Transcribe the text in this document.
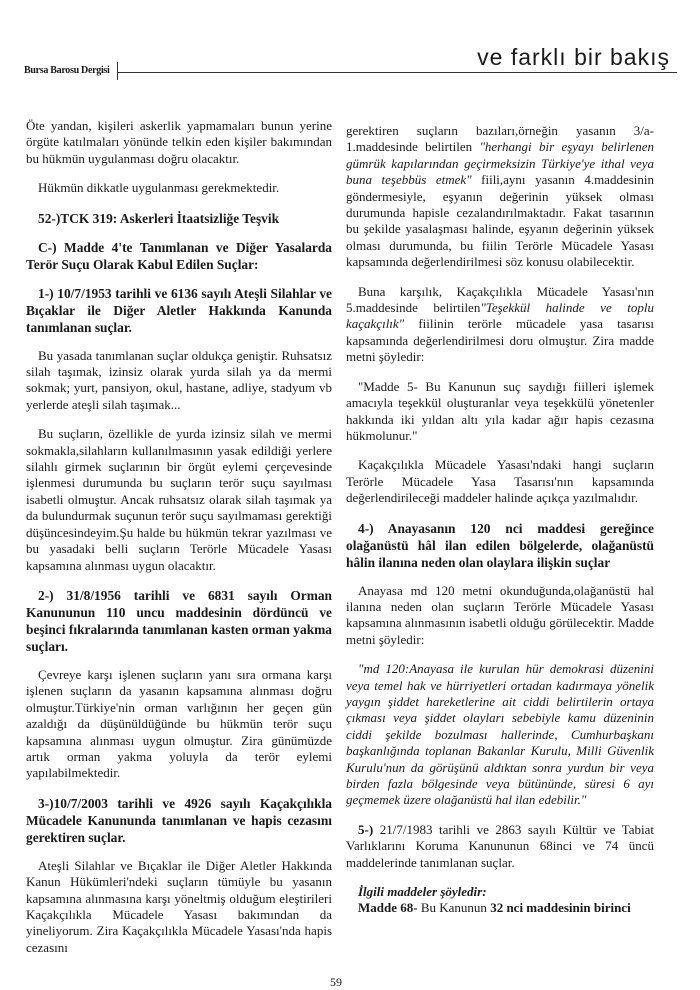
Bursa Barosu Dergisi
ve farklı bir bakış

Öte yandan, kişileri askerlik yapmamaları bunun yerine örgüte katılmaları yönünde telkin eden kişiler bakımından bu hükmün uygulanması doğru olacaktır.

Hükmün dikkatle uygulanması gerekmektedir.

52-)TCK 319: Askerleri İtaatsizliğe Teşvik

C-) Madde 4'te Tanımlanan ve Diğer Yasalarda Terör Suçu Olarak Kabul Edilen Suçlar:

1-) 10/7/1953 tarihli ve 6136 sayılı Ateşli Silahlar ve Bıçaklar ile Diğer Aletler Hakkında Kanunda tanımlanan suçlar.

Bu yasada tanımlanan suçlar oldukça geniştir. Ruhsatsız silah taşımak, izinsiz olarak yurda silah ya da mermi sokmak; yurt, pansiyon, okul, hastane, adliye, stadyum vb yerlerde ateşli silah taşımak...

Bu suçların, özellikle de yurda izinsiz silah ve mermi sokmakla,silahların kullanılmasının yasak edildiği yerlere silahlı girmek suçlarının bir örgüt eylemi çerçevesinde işlenmesi durumunda bu suçların terör suçu sayılması isabetli olmuştur. Ancak ruhsatsız olarak silah taşımak ya da bulundurmak suçunun terör suçu sayılmaması gerektiği düşüncesindeyim.Şu halde bu hükmün tekrar yazılması ve bu yasadaki belli suçların Terörle Mücadele Yasası kapsamına alınması uygun olacaktır.

2-) 31/8/1956 tarihli ve 6831 sayılı Orman Kanununun 110 uncu maddesinin dördüncü ve beşinci fıkralarında tanımlanan kasten orman yakma suçları.

Çevreye karşı işlenen suçların yanı sıra ormana karşı işlenen suçların da yasanın kapsamına alınması doğru olmuştur.Türkiye'nin orman varlığının her geçen gün azaldığı da düşünüldüğünde bu hükmün terör suçu kapsamına alınması uygun olmuştur. Zira günümüzde artık orman yakma yoluyla da terör eylemi yapılabilmektedir.

3-)10/7/2003 tarihli ve 4926 sayılı Kaçakçılıkla Mücadele Kanununda tanımlanan ve hapis cezasını gerektiren suçlar.

Ateşli Silahlar ve Bıçaklar ile Diğer Aletler Hakkında Kanun Hükümleri'ndeki suçların tümüyle bu yasanın kapsamına alınmasına karşı yöneltmiş olduğum eleştirileri Kaçakçılıkla Mücadele Yasası bakımından da yineliyorum. Zira Kaçakçılıkla Mücadele Yasası'nda hapis cezasını

gerektiren suçların bazıları,örneğin yasanın 3/a-1.maddesinde belirtilen "herhangi bir eşyayı belirlenen gümrük kapılarından geçirmeksizin Türkiye'ye ithal veya buna teşebbüs etmek" fiili,aynı yasanın 4.maddesinin göndermesiyle, eşyanın değerinin yüksek olması durumunda hapisle cezalandırılmaktadır. Fakat tasarının bu şekilde yasalaşması halinde, eşyanın değerinin yüksek olması durumunda, bu fiilin Terörle Mücadele Yasası kapsamında değerlendirilmesi söz konusu olabilecektir.

Buna karşılık, Kaçakçılıkla Mücadele Yasası'nın 5.maddesinde belirtilen"Teşekkül halinde ve toplu kaçakçılık" fiilinin terörle mücadele yasa tasarısı kapsamında değerlendirilmesi doru olmuştur. Zira madde metni şöyledir:

"Madde 5- Bu Kanunun suç saydığı fiilleri işlemek amacıyla teşekkül oluşturanlar veya teşekkülü yönetenler hakkında iki yıldan altı yıla kadar ağır hapis cezasına hükmolunur."

Kaçakçılıkla Mücadele Yasası'ndaki hangi suçların Terörle Mücadele Yasa Tasarısı'nın kapsamında değerlendirileceği maddeler halinde açıkça yazılmalıdır.

4-) Anayasanın 120 nci maddesi gereğince olağanüstü hâl ilan edilen bölgelerde, olağanüstü hâlin ilanına neden olan olaylara ilişkin suçlar

Anayasa md 120 metni okunduğunda,olağanüstü hal ilanına neden olan suçların Terörle Mücadele Yasası kapsamına alınmasının isabetli olduğu görülecektir. Madde metni şöyledir:

"md 120:Anayasa ile kurulan hür demokrasi düzenini veya temel hak ve hürriyetleri ortadan kadırmaya yönelik yaygın şiddet hareketlerine ait ciddi belirtilerin ortaya çıkması veya şiddet olayları sebebiyle kamu düzeninin ciddi şekilde bozulması hallerinde, Cumhurbaşkanı başkanlığında toplanan Bakanlar Kurulu, Milli Güvenlik Kurulu'nun da görüşünü aldıktan sonra yurdun bir veya birden fazla bölgesinde veya bütününde, süresi 6 ayı geçmemek üzere olağanüstü hal ilan edebilir."

5-) 21/7/1983 tarihli ve 2863 sayılı Kültür ve Tabiat Varlıklarını Koruma Kanununun 68inci ve 74 üncü maddelerinde tanımlanan suçlar.

İlgili maddeler şöyledir:

Madde 68- Bu Kanunun 32 nci maddesinin birinci

59
